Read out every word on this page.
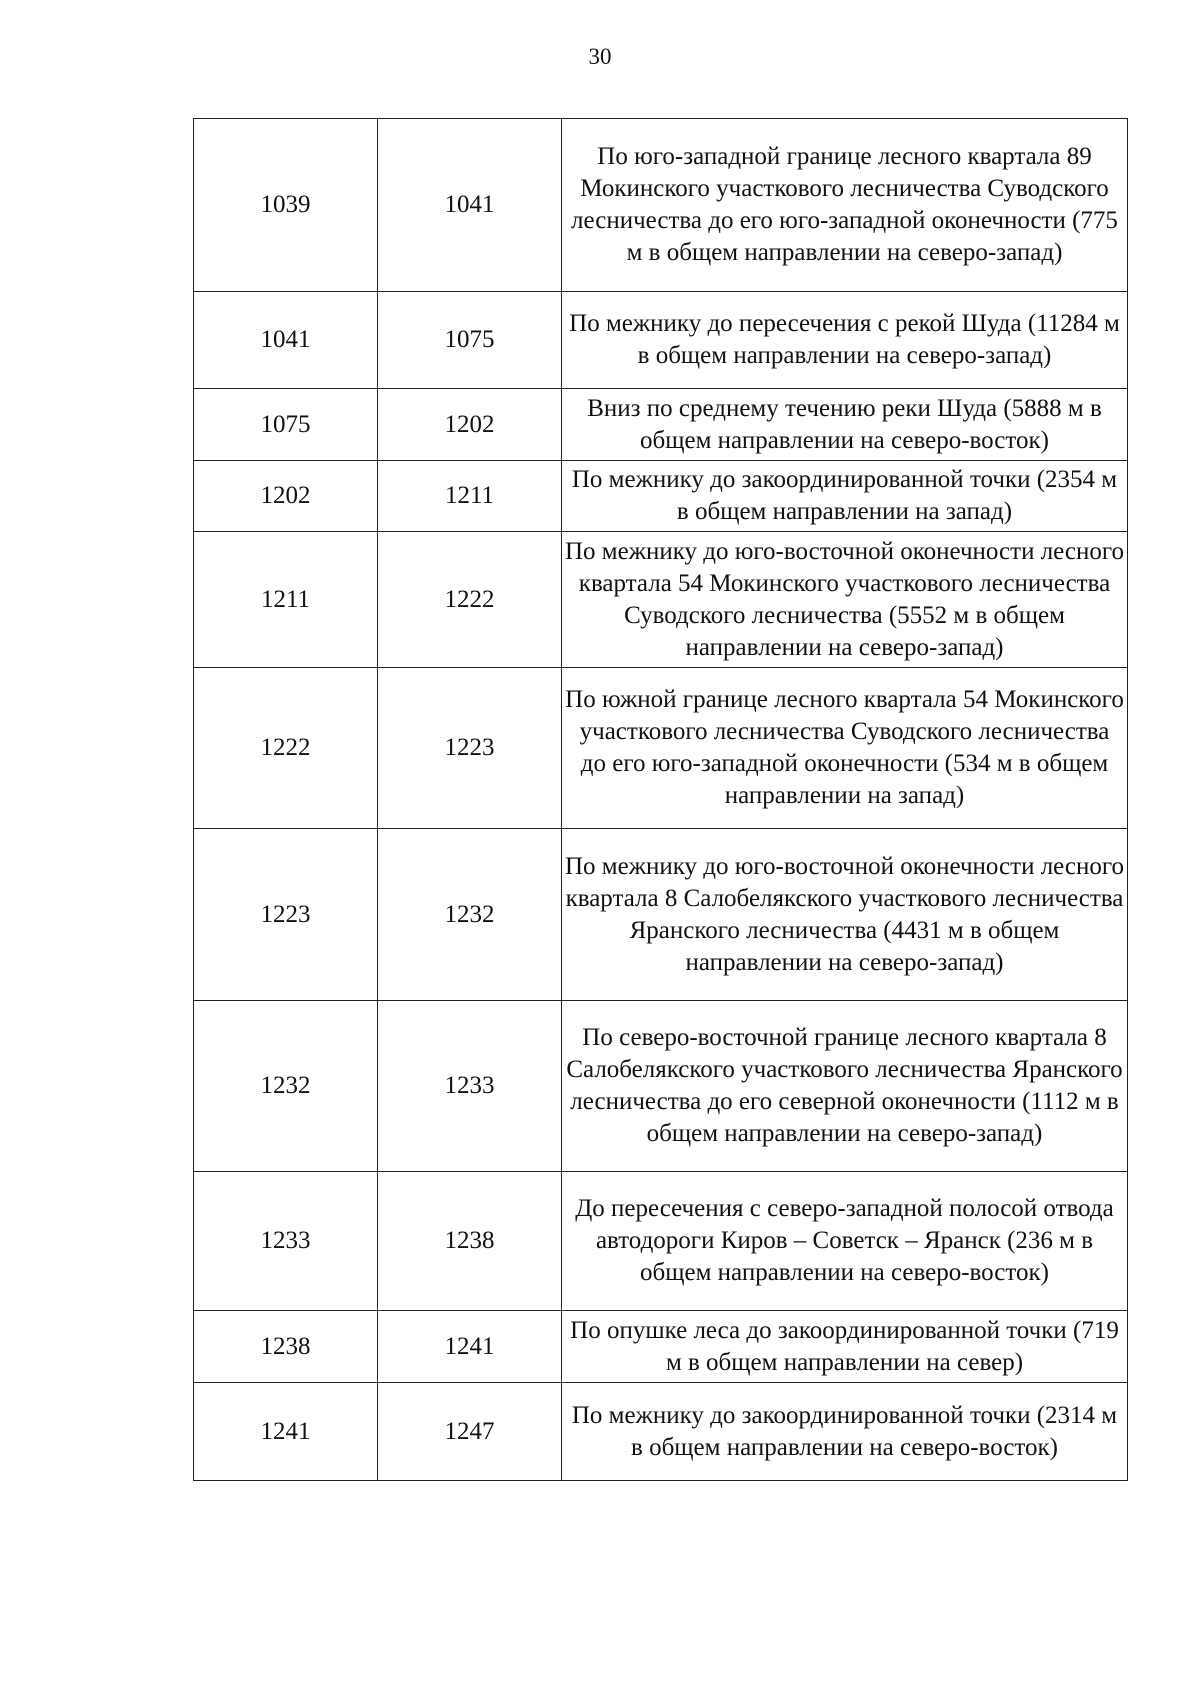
30
1039	1041	По юго-западной границе лесного квартала 89 Мокинского участкового лесничества Суводского лесничества до его юго-западной оконечности (775 м в общем направлении на северо-запад)
1041	1075	По межнику до пересечения с рекой Шуда (11284 м в общем направлении на северо-запад)
1075	1202	Вниз по среднему течению реки Шуда (5888 м в общем направлении на северо-восток)
1202	1211	По межнику до закоординированной точки (2354 м в общем направлении на запад)
1211	1222	По межнику до юго-восточной оконечности лесного квартала 54 Мокинского участкового лесничества Суводского лесничества (5552 м в общем направлении на северо-запад)
1222	1223	По южной границе лесного квартала 54 Мокинского участкового лесничества Суводского лесничества до его юго-западной оконечности (534 м в общем направлении на запад)
1223	1232	По межнику до юго-восточной оконечности лесного квартала 8 Салобелякского участкового лесничества Яранского лесничества (4431 м в общем направлении на северо-запад)
1232	1233	По северо-восточной границе лесного квартала 8 Салобелякского участкового лесничества Яранского лесничества до его северной оконечности (1112 м в общем направлении на северо-запад)
1233	1238	До пересечения с северо-западной полосой отвода автодороги Киров – Советск – Яранск (236 м в общем направлении на северо-восток)
1238	1241	По опушке леса до закоординированной точки (719 м в общем направлении на север)
1241	1247	По межнику до закоординированной точки (2314 м в общем направлении на северо-восток)
